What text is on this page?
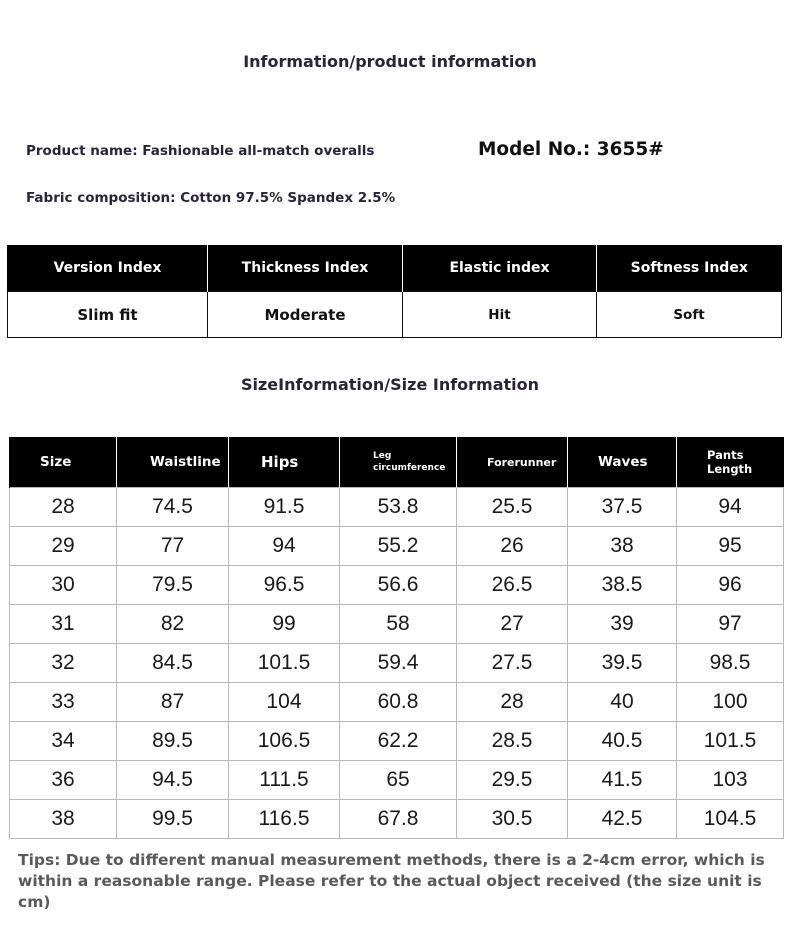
Information/product information
Product name: Fashionable all-match overalls
Fabric composition: Cotton 97.5% Spandex 2.5%
Model No.: 3655#
Version Index	Thickness Index	Elastic index	Softness Index
Slim fit	Moderate	Hit	Soft
SizeInformation/Size Information
Size	Waistline	Hips	Leg circumference	Forerunner	Waves	Pants Length
28	74.5	91.5	53.8	25.5	37.5	94
29	77	94	55.2	26	38	95
30	79.5	96.5	56.6	26.5	38.5	96
31	82	99	58	27	39	97
32	84.5	101.5	59.4	27.5	39.5	98.5
33	87	104	60.8	28	40	100
34	89.5	106.5	62.2	28.5	40.5	101.5
36	94.5	111.5	65	29.5	41.5	103
38	99.5	116.5	67.8	30.5	42.5	104.5
Tips: Due to different manual measurement methods, there is a 2-4cm error, which is within a reasonable range. Please refer to the actual object received (the size unit is cm)
